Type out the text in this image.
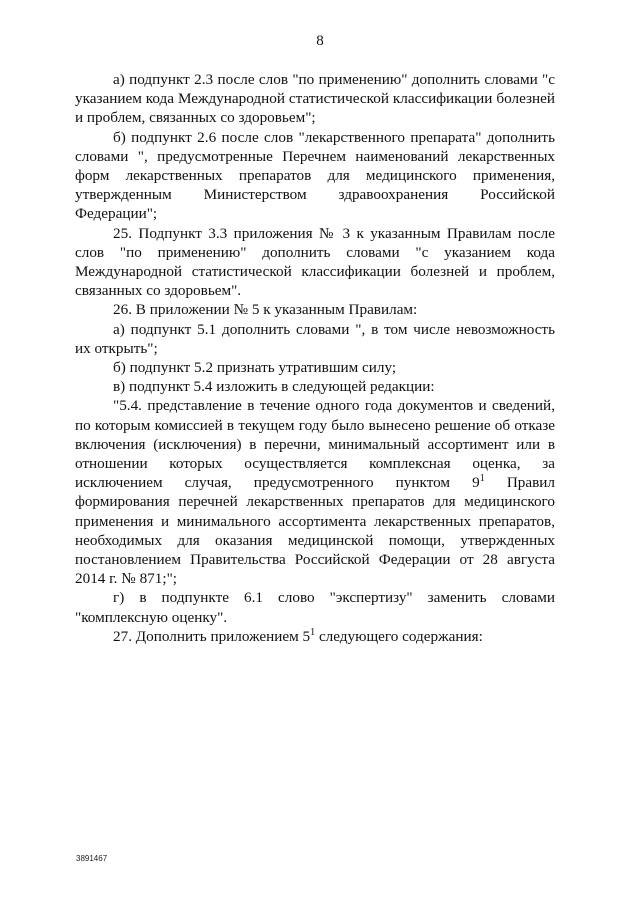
8

а) подпункт 2.3 после слов "по применению" дополнить словами "с указанием кода Международной статистической классификации болезней и проблем, связанных со здоровьем";

б) подпункт 2.6 после слов "лекарственного препарата" дополнить словами ", предусмотренные Перечнем наименований лекарственных форм лекарственных препаратов для медицинского применения, утвержденным Министерством здравоохранения Российской Федерации";

25. Подпункт 3.3 приложения № 3 к указанным Правилам после слов "по применению" дополнить словами "с указанием кода Международной статистической классификации болезней и проблем, связанных со здоровьем".

26. В приложении № 5 к указанным Правилам:

а) подпункт 5.1 дополнить словами ", в том числе невозможность их открыть";

б) подпункт 5.2 признать утратившим силу;

в) подпункт 5.4 изложить в следующей редакции:

"5.4. представление в течение одного года документов и сведений, по которым комиссией в текущем году было вынесено решение об отказе включения (исключения) в перечни, минимальный ассортимент или в отношении которых осуществляется комплексная оценка, за исключением случая, предусмотренного пунктом $9^1$ Правил формирования перечней лекарственных препаратов для медицинского применения и минимального ассортимента лекарственных препаратов, необходимых для оказания медицинской помощи, утвержденных постановлением Правительства Российской Федерации от 28 августа 2014 г. № 871;";

г) в подпункте 6.1 слово "экспертизу" заменить словами "комплексную оценку".

27. Дополнить приложением $5^1$ следующего содержания:

3891467
